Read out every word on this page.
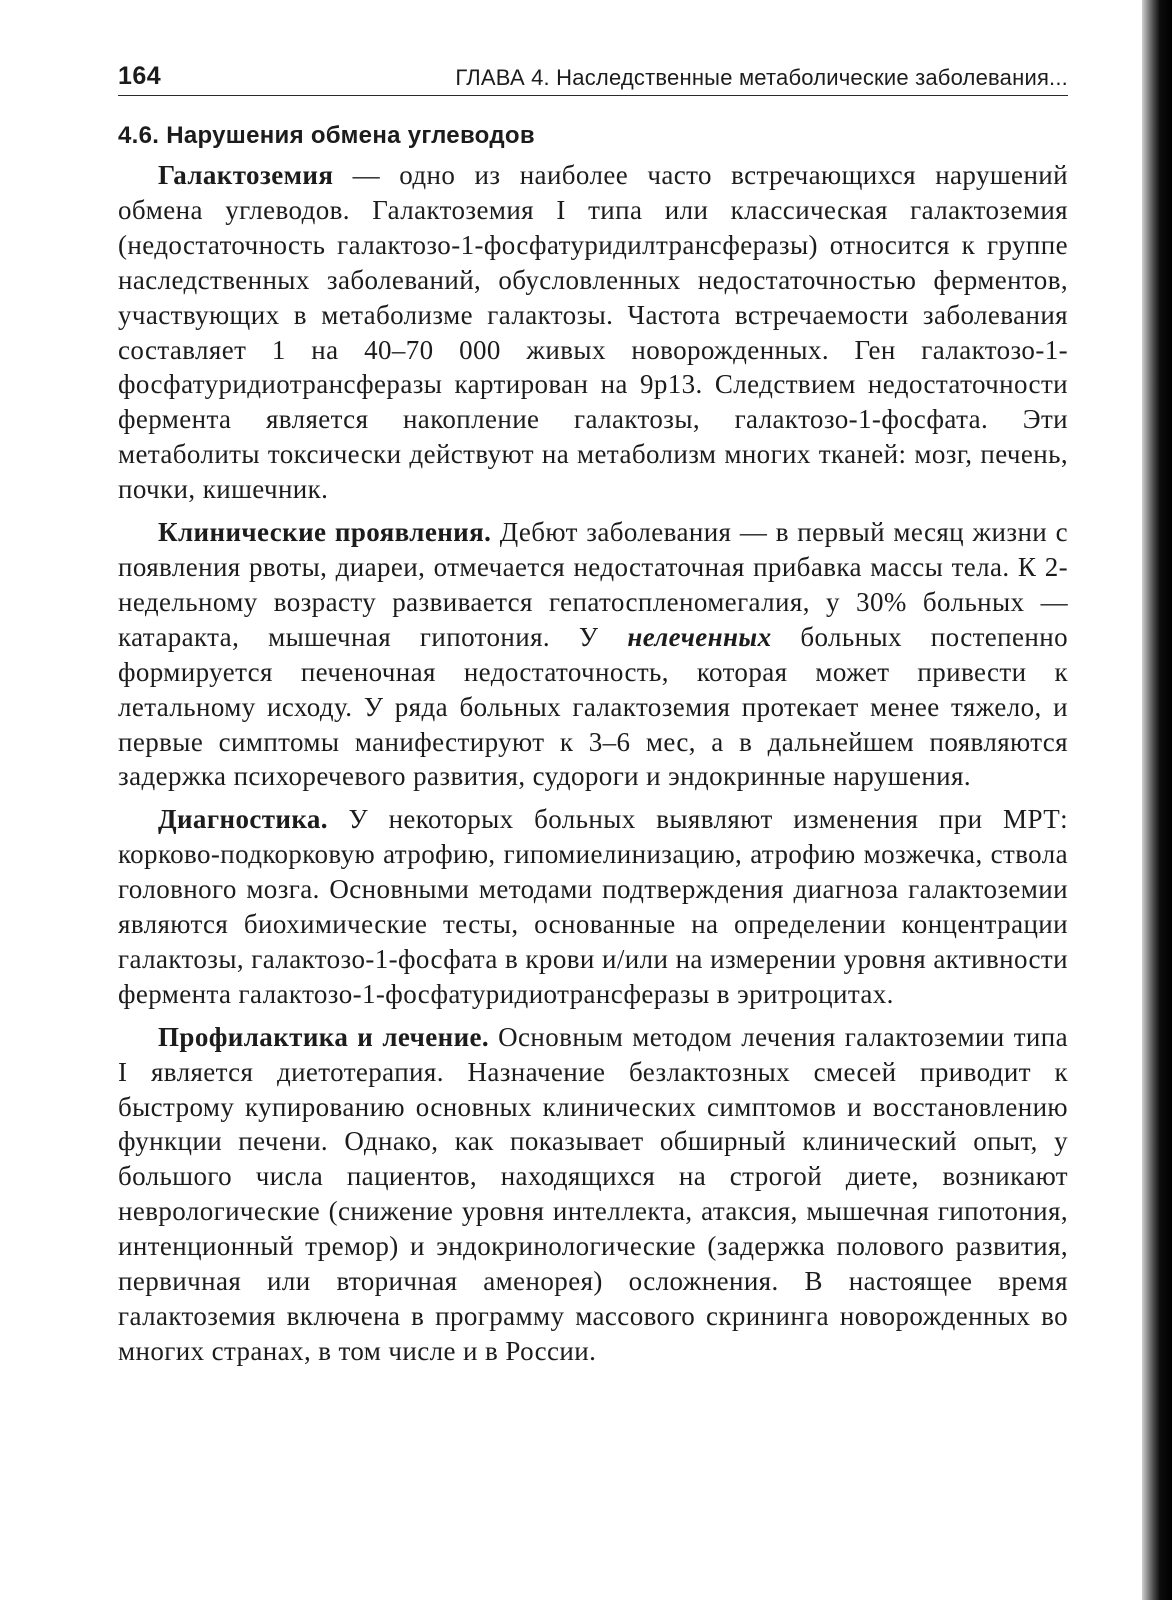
164	ГЛАВА 4. Наследственные метаболические заболевания...
4.6. Нарушения обмена углеводов

Галактоземия — одно из наиболее часто встречающихся нарушений обмена углеводов. Галактоземия I типа или классическая галактоземия (недостаточность галактозо-1-фосфатуридилтрансферазы) относится к группе наследственных заболеваний, обусловленных недостаточностью ферментов, участвующих в метаболизме галактозы. Частота встречаемости заболевания составляет 1 на 40–70 000 живых новорожденных. Ген галактозо-1-фосфатуридиотрансферазы картирован на 9р13. Следствием недостаточности фермента является накопление галактозы, галактозо-1-фосфата. Эти метаболиты токсически действуют на метаболизм многих тканей: мозг, печень, почки, кишечник.

Клинические проявления. Дебют заболевания — в первый месяц жизни с появления рвоты, диареи, отмечается недостаточная прибавка массы тела. К 2-недельному возрасту развивается гепатоспленомегалия, у 30% больных — катаракта, мышечная гипотония. У нелеченных больных постепенно формируется печеночная недостаточность, которая может привести к летальному исходу. У ряда больных галактоземия протекает менее тяжело, и первые симптомы манифестируют к 3–6 мес, а в дальнейшем появляются задержка психоречевого развития, судороги и эндокринные нарушения.

Диагностика. У некоторых больных выявляют изменения при МРТ: корково-подкорковую атрофию, гипомиелинизацию, атрофию мозжечка, ствола головного мозга. Основными методами подтверждения диагноза галактоземии являются биохимические тесты, основанные на определении концентрации галактозы, галактозо-1-фосфата в крови и/или на измерении уровня активности фермента галактозо-1-фосфатуридиотрансферазы в эритроцитах.

Профилактика и лечение. Основным методом лечения галактоземии типа I является диетотерапия. Назначение безлактозных смесей приводит к быстрому купированию основных клинических симптомов и восстановлению функции печени. Однако, как показывает обширный клинический опыт, у большого числа пациентов, находящихся на строгой диете, возникают неврологические (снижение уровня интеллекта, атаксия, мышечная гипотония, интенционный тремор) и эндокринологические (задержка полового развития, первичная или вторичная аменорея) осложнения. В настоящее время галактоземия включена в программу массового скрининга новорожденных во многих странах, в том числе и в России.
